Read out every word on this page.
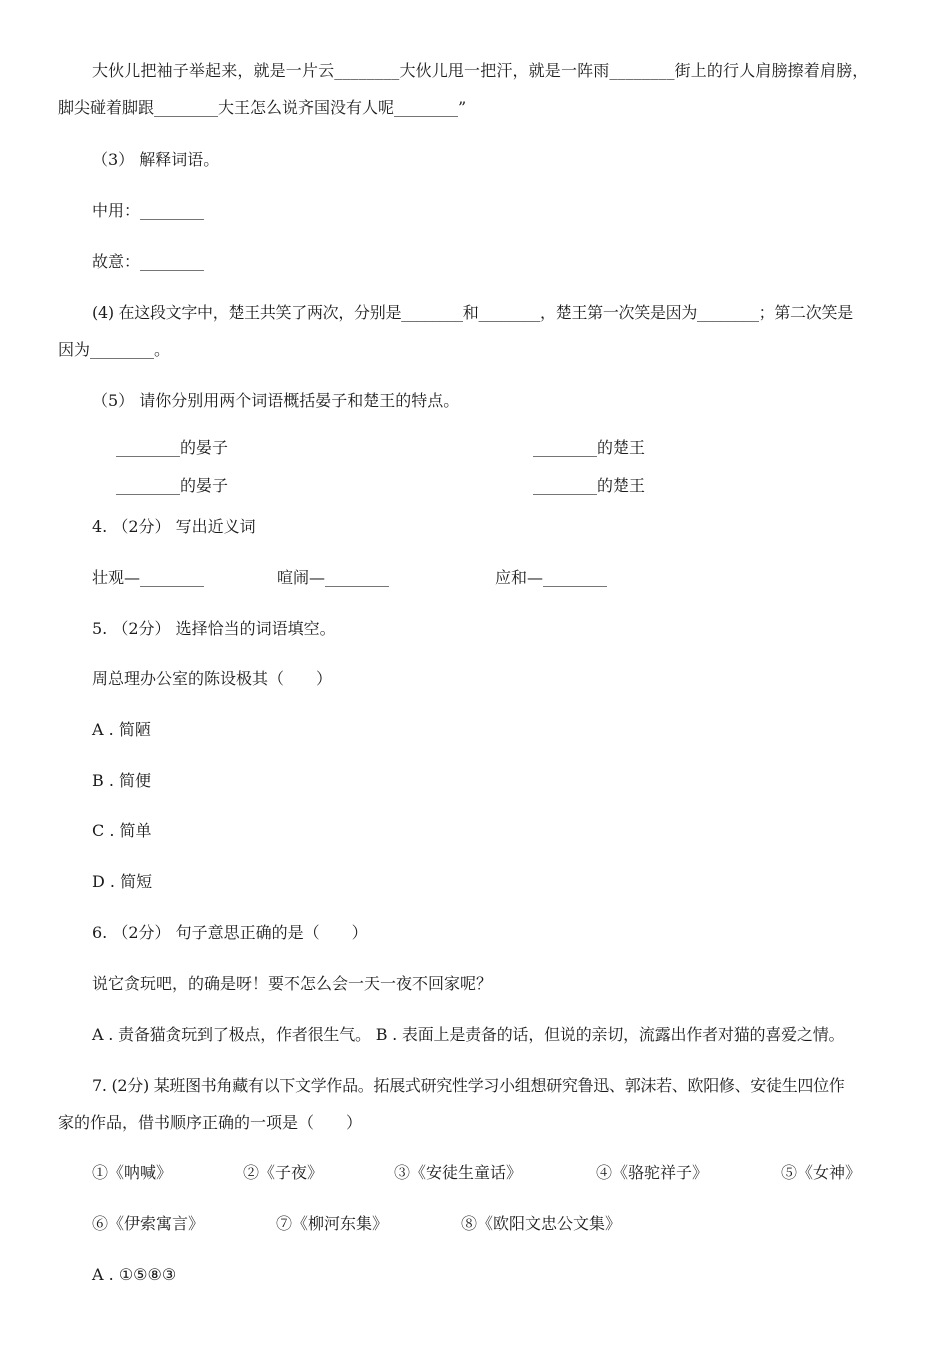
大伙儿把袖子举起来，就是一片云________大伙儿甩一把汗，就是一阵雨________街上的行人肩膀擦着肩膀，
脚尖碰着脚跟________大王怎么说齐国没有人呢________”
（3） 解释词语。
中用：________
故意：________
(4) 在这段文字中，楚王共笑了两次，分别是________和________，楚王第一次笑是因为________；第二次笑是
因为________。
（5） 请你分别用两个词语概括晏子和楚王的特点。
________的晏子	________的楚王
________的晏子	________的楚王
4. （2分） 写出近义词
壮观—________	喧闹—________	应和—________
5. （2分） 选择恰当的词语填空。
周总理办公室的陈设极其（　　）
A . 简陋
B . 简便
C . 简单
D . 简短
6. （2分） 句子意思正确的是（　　）
说它贪玩吧，的确是呀！要不怎么会一天一夜不回家呢？
A . 责备猫贪玩到了极点，作者很生气。 B . 表面上是责备的话，但说的亲切，流露出作者对猫的喜爱之情。
7. (2分) 某班图书角藏有以下文学作品。拓展式研究性学习小组想研究鲁迅、郭沫若、欧阳修、安徒生四位作
家的作品，借书顺序正确的一项是（　　）
①《呐喊》	②《子夜》	③《安徒生童话》	④《骆驼祥子》	⑤《女神》
⑥《伊索寓言》	⑦《柳河东集》	⑧《欧阳文忠公文集》
A . ①⑤⑧③
